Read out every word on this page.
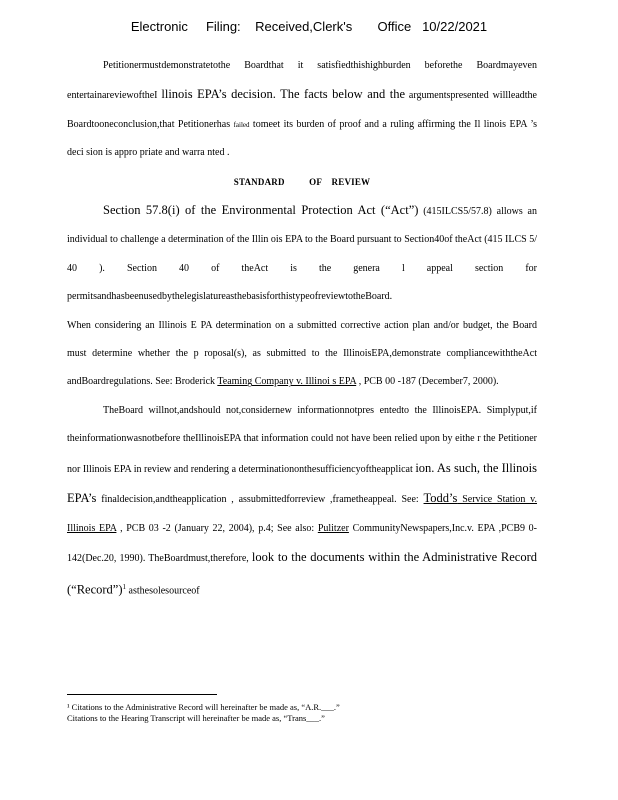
Electronic     Filing:    Received,Clerk's       Office   10/22/2021

Petitionermustdemonstratetothe Boardthat it satisfiedthishighburden beforethe Boardmayeven entertainareviewoftheI llinois EPA’s decision. The facts below and the argumentspresented willleadthe Boardtooneconclusion,that Petitionerhas failed tomeet its burden of proof and a ruling affirming the Il linois EPA ’s deci sion is appro priate and warra nted .

STANDARD          OF    REVIEW

Section 57.8(i) of the Environmental Protection Act (“Act”) (415ILCS5/57.8) allows an individual to challenge a determination of the Illin ois EPA to the Board pursuant to Section40of theAct (415 ILCS 5/ 40 ). Section 40 of theAct is the genera l appeal section for permitsandhasbeenusedbythelegislatureasthebasisforthistypeofreviewtotheBoard.

When considering an Illinois E PA determination on a submitted corrective action plan and/or budget, the Board must determine whether the p roposal(s), as submitted to the IllinoisEPA,demonstrate compliancewiththeAct andBoardregulations. See: Broderick Teaming Company v. Illinoi s EPA , PCB 00 -187 (December7, 2000).

TheBoard willnot,andshould not,considernew informationnotpres entedto the IllinoisEPA. Simplyput,if theinformationwasnotbefore theIllinoisEPA that information could not have been relied upon by eithe r the Petitioner nor Illinois EPA in review and rendering a determinationonthesufficiencyoftheapplicat ion. As such, the Illinois EPA’s finaldecision,andtheapplication , assubmittedforreview ,frametheappeal. See: Todd’s Service Station v. Illinois EPA , PCB 03 -2 (January 22, 2004), p.4; See also: Pulitzer CommunityNewspapers,Inc.v. EPA ,PCB9 0-142(Dec.20, 1990). TheBoardmust,therefore, look to the documents within the Administrative Record (“Record”)$^1$ asthesolesourceof

¹ Citations to the Administrative Record will hereinafter be made as, “A.R.___.”

Citations to the Hearing Transcript will hereinafter be made as, “Trans___.”
